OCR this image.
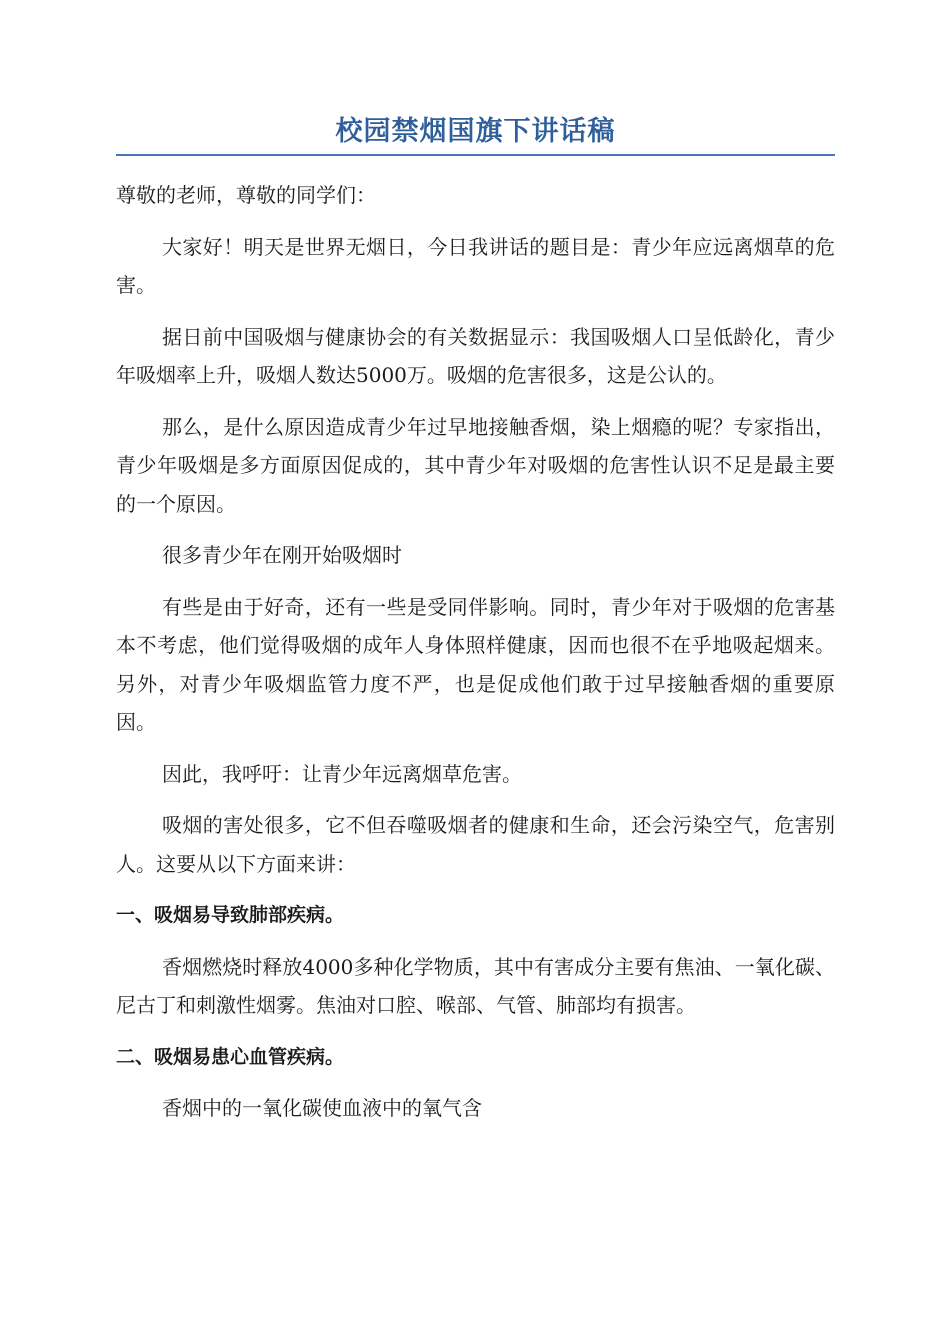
校园禁烟国旗下讲话稿

尊敬的老师，尊敬的同学们：

大家好！明天是世界无烟日，今日我讲话的题目是：青少年应远离烟草的危害。

据日前中国吸烟与健康协会的有关数据显示：我国吸烟人口呈低龄化，青少年吸烟率上升，吸烟人数达5000万。吸烟的危害很多，这是公认的。

那么，是什么原因造成青少年过早地接触香烟，染上烟瘾的呢？专家指出，青少年吸烟是多方面原因促成的，其中青少年对吸烟的危害性认识不足是最主要的一个原因。

很多青少年在刚开始吸烟时

有些是由于好奇，还有一些是受同伴影响。同时，青少年对于吸烟的危害基本不考虑，他们觉得吸烟的成年人身体照样健康，因而也很不在乎地吸起烟来。另外，对青少年吸烟监管力度不严，也是促成他们敢于过早接触香烟的重要原因。

因此，我呼吁：让青少年远离烟草危害。

吸烟的害处很多，它不但吞噬吸烟者的健康和生命，还会污染空气，危害别人。这要从以下方面来讲：

一、吸烟易导致肺部疾病。

香烟燃烧时释放4000多种化学物质，其中有害成分主要有焦油、一氧化碳、尼古丁和刺激性烟雾。焦油对口腔、喉部、气管、肺部均有损害。

二、吸烟易患心血管疾病。

香烟中的一氧化碳使血液中的氧气含
